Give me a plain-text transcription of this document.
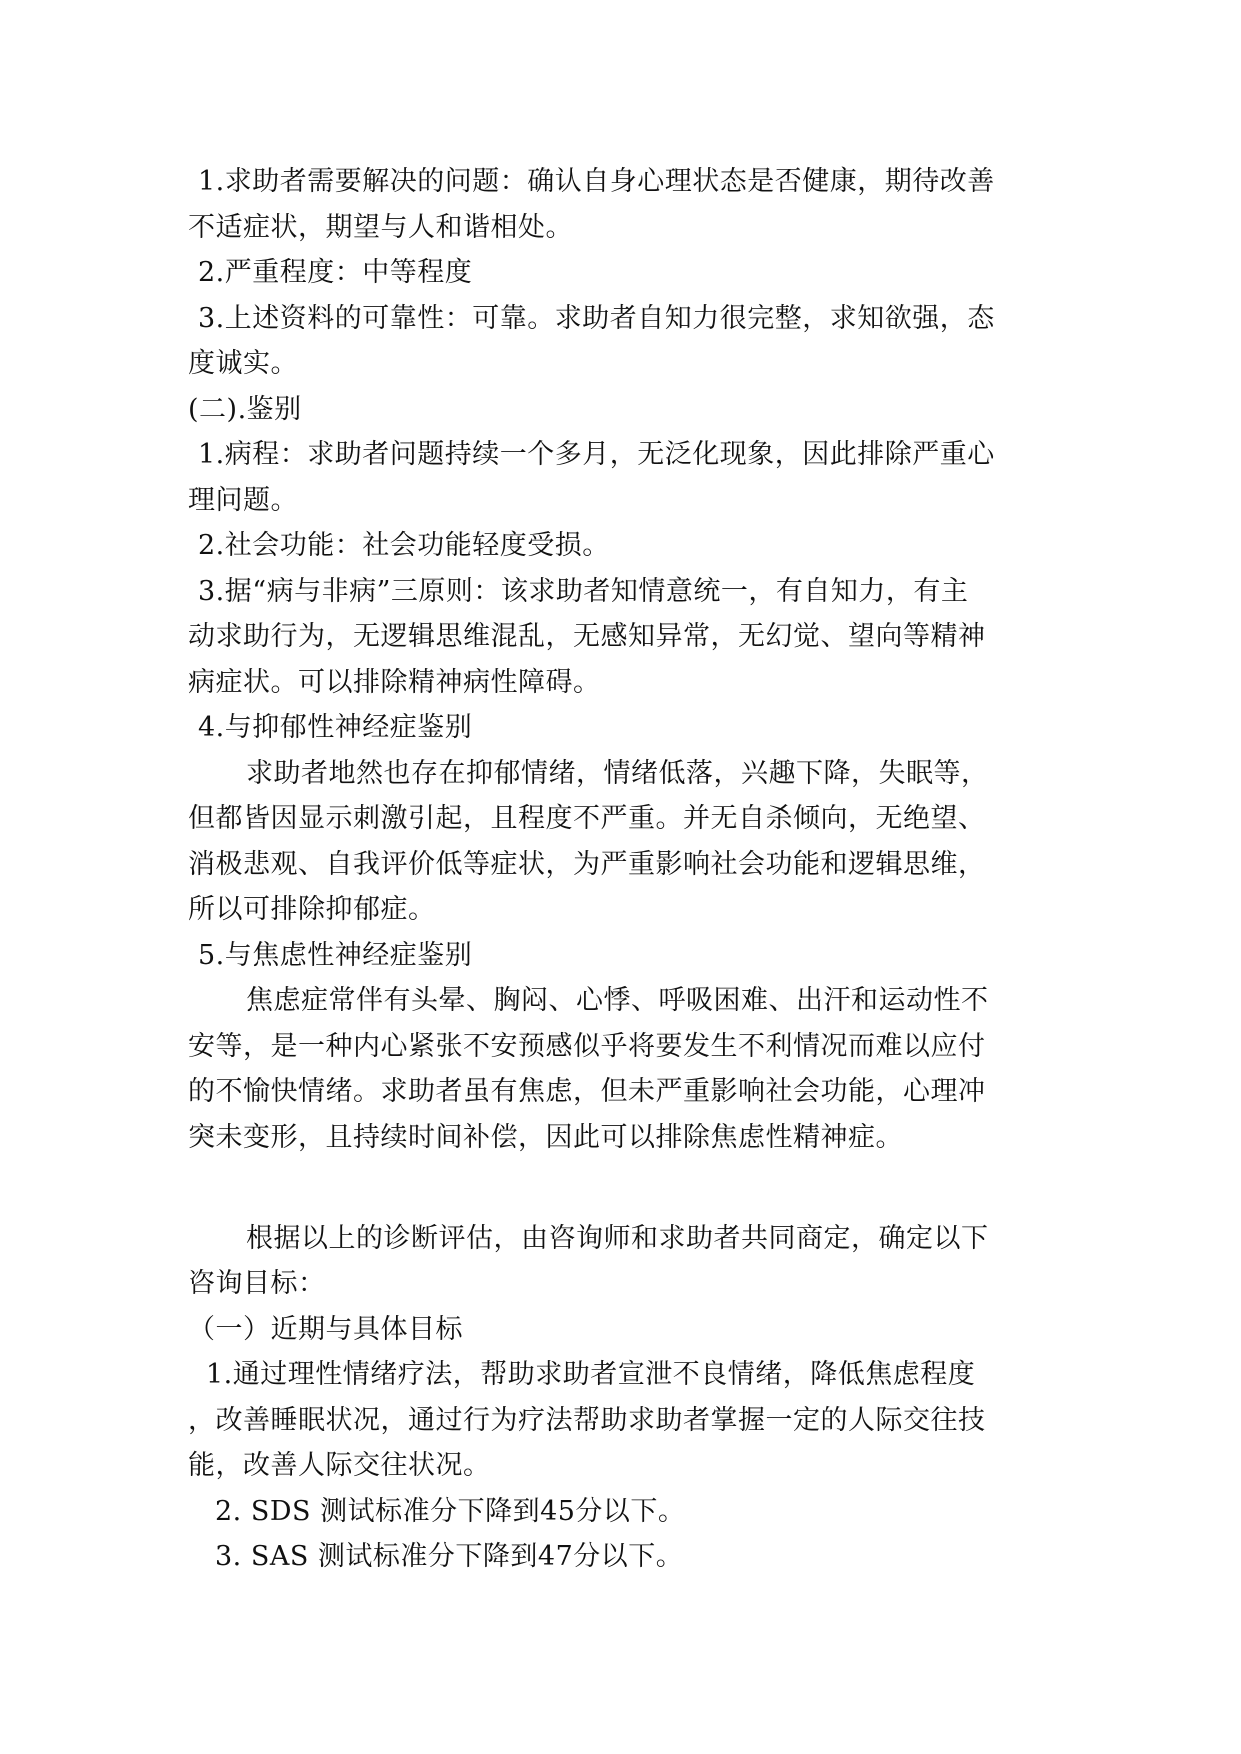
1.求助者需要解决的问题：确认自身心理状态是否健康，期待改善
不适症状，期望与人和谐相处。
2.严重程度：中等程度
3.上述资料的可靠性：可靠。求助者自知力很完整，求知欲强，态
度诚实。
(二).鉴别
1.病程：求助者问题持续一个多月，无泛化现象，因此排除严重心
理问题。
2.社会功能：社会功能轻度受损。
3.据“病与非病”三原则：该求助者知情意统一，有自知力，有主
动求助行为，无逻辑思维混乱，无感知异常，无幻觉、望向等精神
病症状。可以排除精神病性障碍。
4.与抑郁性神经症鉴别
求助者地然也存在抑郁情绪，情绪低落，兴趣下降，失眠等，
但都皆因显示刺激引起，且程度不严重。并无自杀倾向，无绝望、
消极悲观、自我评价低等症状，为严重影响社会功能和逻辑思维，
所以可排除抑郁症。
5.与焦虑性神经症鉴别
焦虑症常伴有头晕、胸闷、心悸、呼吸困难、出汗和运动性不
安等，是一种内心紧张不安预感似乎将要发生不利情况而难以应付
的不愉快情绪。求助者虽有焦虑，但未严重影响社会功能，心理冲
突未变形，且持续时间补偿，因此可以排除焦虑性精神症。
根据以上的诊断评估，由咨询师和求助者共同商定，确定以下
咨询目标：
（一）近期与具体目标
1.通过理性情绪疗法，帮助求助者宣泄不良情绪，降低焦虑程度
，改善睡眠状况，通过行为疗法帮助求助者掌握一定的人际交往技
能，改善人际交往状况。
2. SDS 测试标准分下降到45分以下。
3. SAS 测试标准分下降到47分以下。
